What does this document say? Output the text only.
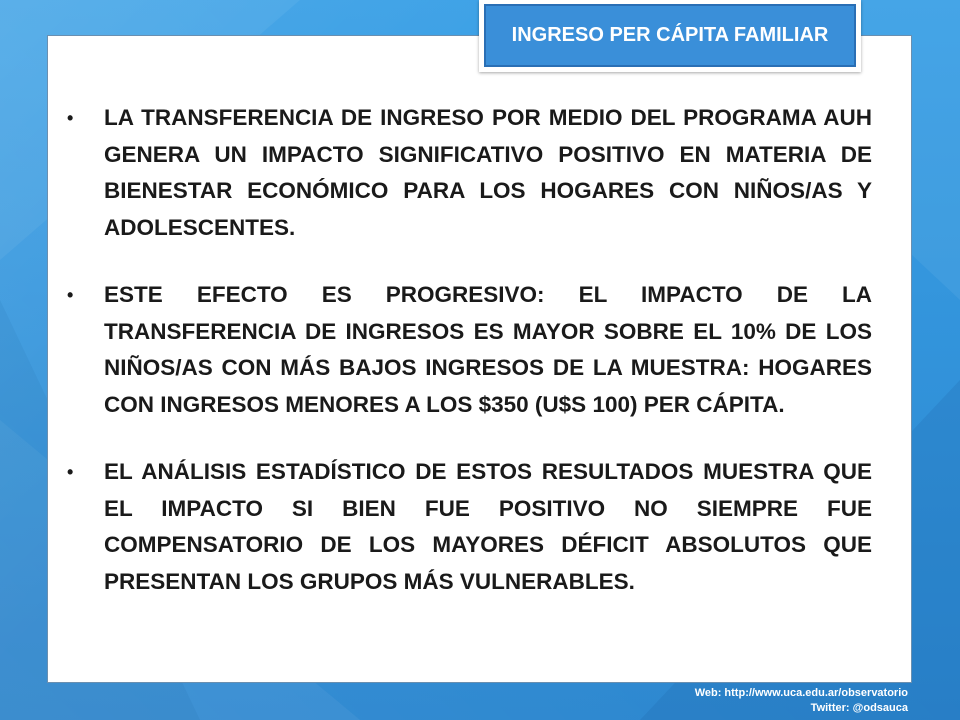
INGRESO PER CÁPITA FAMILIAR
• LA TRANSFERENCIA DE INGRESO POR MEDIO DEL PROGRAMA AUH GENERA UN IMPACTO SIGNIFICATIVO POSITIVO EN MATERIA DE BIENESTAR ECONÓMICO PARA LOS HOGARES CON NIÑOS/AS Y ADOLESCENTES.
• ESTE EFECTO ES PROGRESIVO: EL IMPACTO DE LA TRANSFERENCIA DE INGRESOS ES MAYOR SOBRE EL 10% DE LOS NIÑOS/AS CON MÁS BAJOS INGRESOS DE LA MUESTRA: HOGARES CON INGRESOS MENORES A LOS $350 (U$S 100) PER CÁPITA.
• EL ANÁLISIS ESTADÍSTICO DE ESTOS RESULTADOS MUESTRA QUE EL IMPACTO SI BIEN FUE POSITIVO NO SIEMPRE FUE COMPENSATORIO DE LOS MAYORES DÉFICIT ABSOLUTOS QUE PRESENTAN LOS GRUPOS MÁS VULNERABLES.
Web: http://www.uca.edu.ar/observatorio
Twitter: @odsauca
